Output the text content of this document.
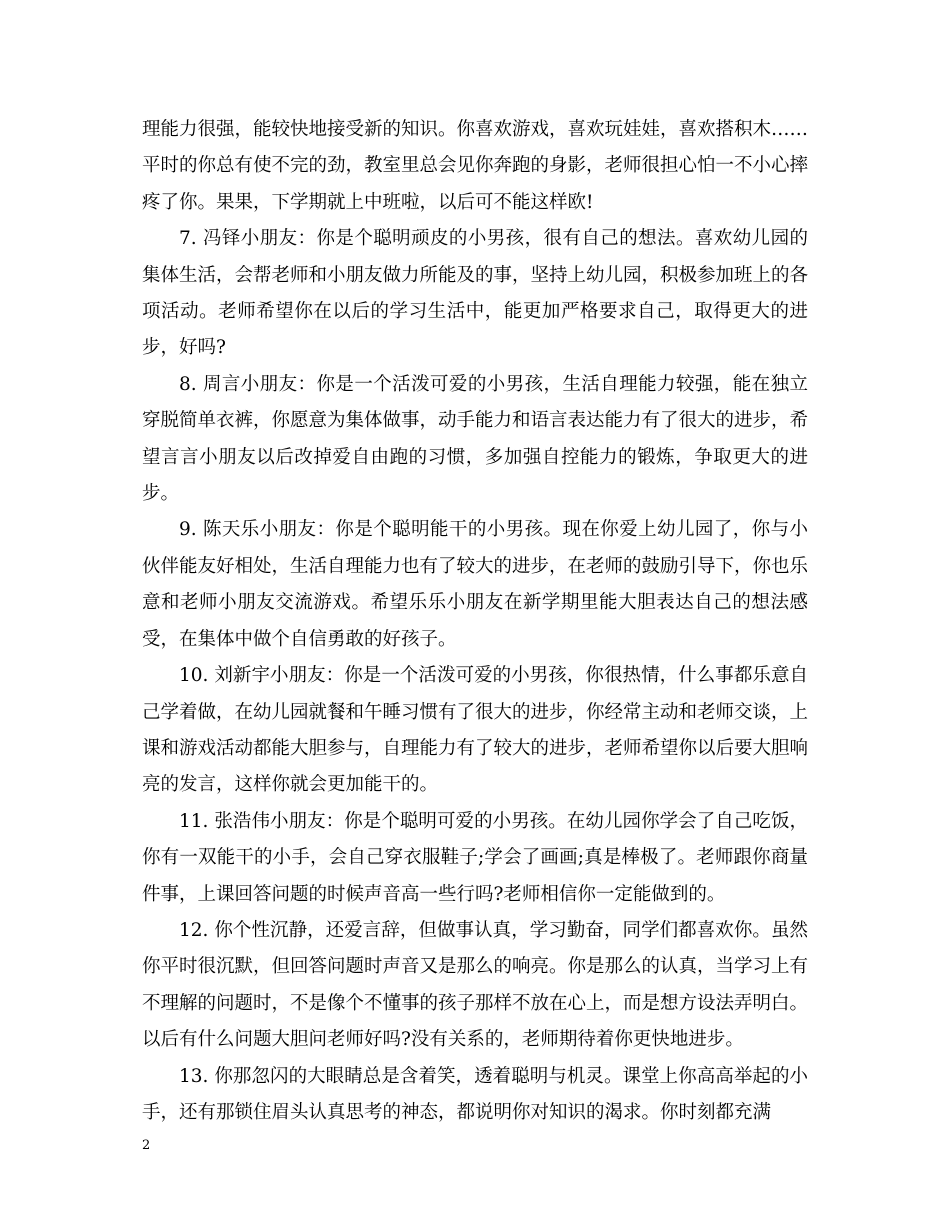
理能力很强，能较快地接受新的知识。你喜欢游戏，喜欢玩娃娃，喜欢搭积木……平时的你总有使不完的劲，教室里总会见你奔跑的身影，老师很担心怕一不小心摔疼了你。果果，下学期就上中班啦，以后可不能这样欧!

7. 冯铎小朋友：你是个聪明顽皮的小男孩，很有自己的想法。喜欢幼儿园的集体生活，会帮老师和小朋友做力所能及的事，坚持上幼儿园，积极参加班上的各项活动。老师希望你在以后的学习生活中，能更加严格要求自己，取得更大的进步，好吗?

8. 周言小朋友：你是一个活泼可爱的小男孩，生活自理能力较强，能在独立穿脱简单衣裤，你愿意为集体做事，动手能力和语言表达能力有了很大的进步，希望言言小朋友以后改掉爱自由跑的习惯，多加强自控能力的锻炼，争取更大的进步。

9. 陈天乐小朋友：你是个聪明能干的小男孩。现在你爱上幼儿园了，你与小伙伴能友好相处，生活自理能力也有了较大的进步，在老师的鼓励引导下，你也乐意和老师小朋友交流游戏。希望乐乐小朋友在新学期里能大胆表达自己的想法感受，在集体中做个自信勇敢的好孩子。

10. 刘新宇小朋友：你是一个活泼可爱的小男孩，你很热情，什么事都乐意自己学着做，在幼儿园就餐和午睡习惯有了很大的进步，你经常主动和老师交谈，上课和游戏活动都能大胆参与，自理能力有了较大的进步，老师希望你以后要大胆响亮的发言，这样你就会更加能干的。

11. 张浩伟小朋友：你是个聪明可爱的小男孩。在幼儿园你学会了自己吃饭，你有一双能干的小手，会自己穿衣服鞋子;学会了画画;真是棒极了。老师跟你商量件事，上课回答问题的时候声音高一些行吗?老师相信你一定能做到的。

12. 你个性沉静，还爱言辞，但做事认真，学习勤奋，同学们都喜欢你。虽然你平时很沉默，但回答问题时声音又是那么的响亮。你是那么的认真，当学习上有不理解的问题时，不是像个不懂事的孩子那样不放在心上，而是想方设法弄明白。以后有什么问题大胆问老师好吗?没有关系的，老师期待着你更快地进步。

13. 你那忽闪的大眼睛总是含着笑，透着聪明与机灵。课堂上你高高举起的小手，还有那锁住眉头认真思考的神态，都说明你对知识的渴求。你时刻都充满

2
